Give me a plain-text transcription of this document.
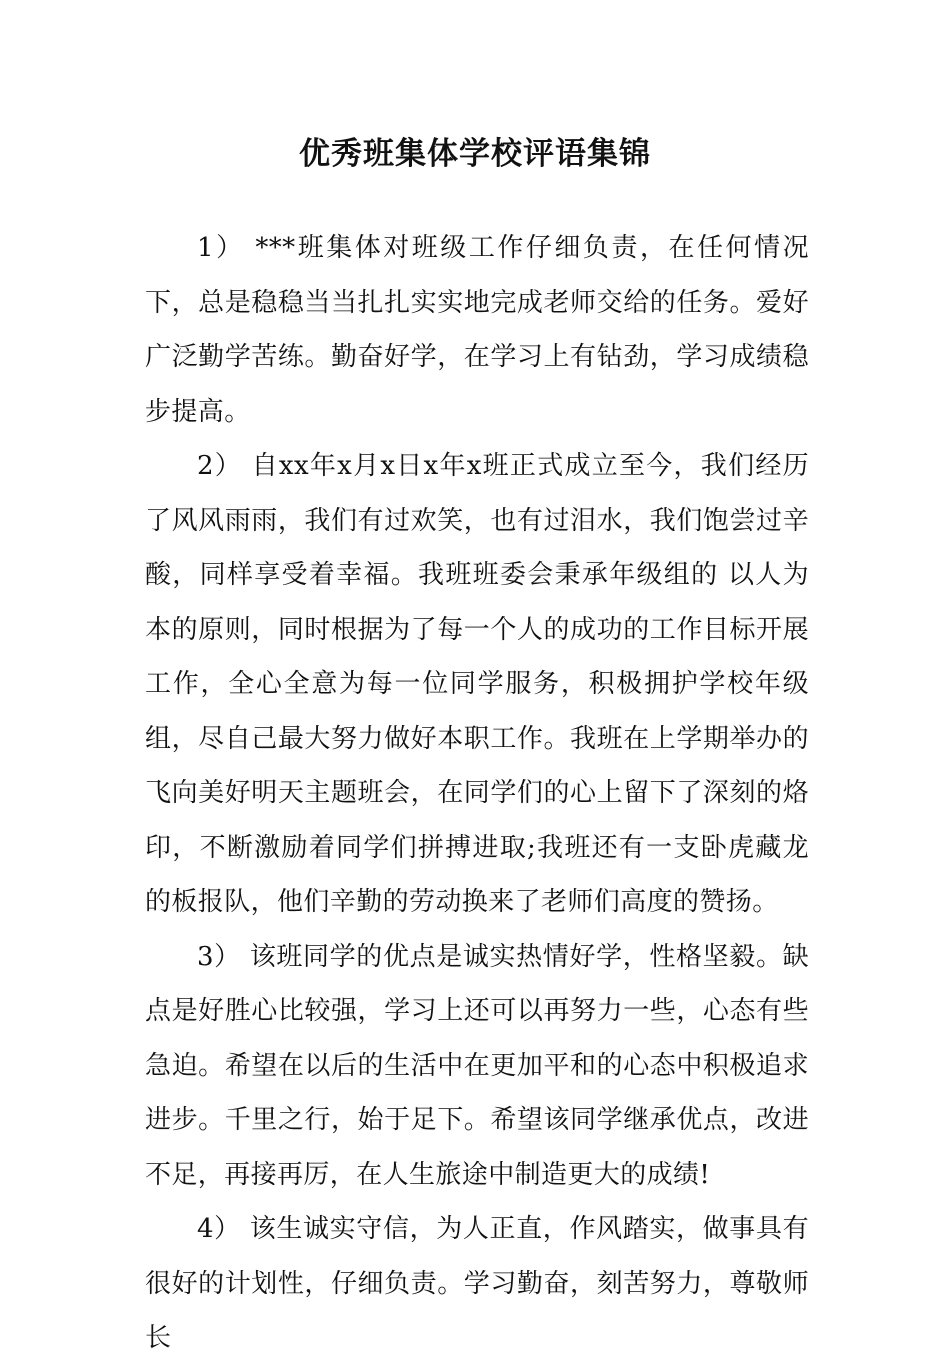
优秀班集体学校评语集锦

1） ***班集体对班级工作仔细负责，在任何情况下，总是稳稳当当扎扎实实地完成老师交给的任务。爱好广泛勤学苦练。勤奋好学，在学习上有钻劲，学习成绩稳步提高。

2） 自xx年x月x日x年x班正式成立至今，我们经历了风风雨雨，我们有过欢笑，也有过泪水，我们饱尝过辛酸，同样享受着幸福。我班班委会秉承年级组的 以人为本的原则，同时根据为了每一个人的成功的工作目标开展工作，全心全意为每一位同学服务，积极拥护学校年级组，尽自己最大努力做好本职工作。我班在上学期举办的飞向美好明天主题班会，在同学们的心上留下了深刻的烙印，不断激励着同学们拼搏进取;我班还有一支卧虎藏龙的板报队，他们辛勤的劳动换来了老师们高度的赞扬。

3） 该班同学的优点是诚实热情好学，性格坚毅。缺点是好胜心比较强，学习上还可以再努力一些，心态有些急迫。希望在以后的生活中在更加平和的心态中积极追求进步。千里之行，始于足下。希望该同学继承优点，改进不足，再接再厉，在人生旅途中制造更大的成绩!

4） 该生诚实守信，为人正直，作风踏实，做事具有很好的计划性，仔细负责。学习勤奋，刻苦努力，尊敬师长
